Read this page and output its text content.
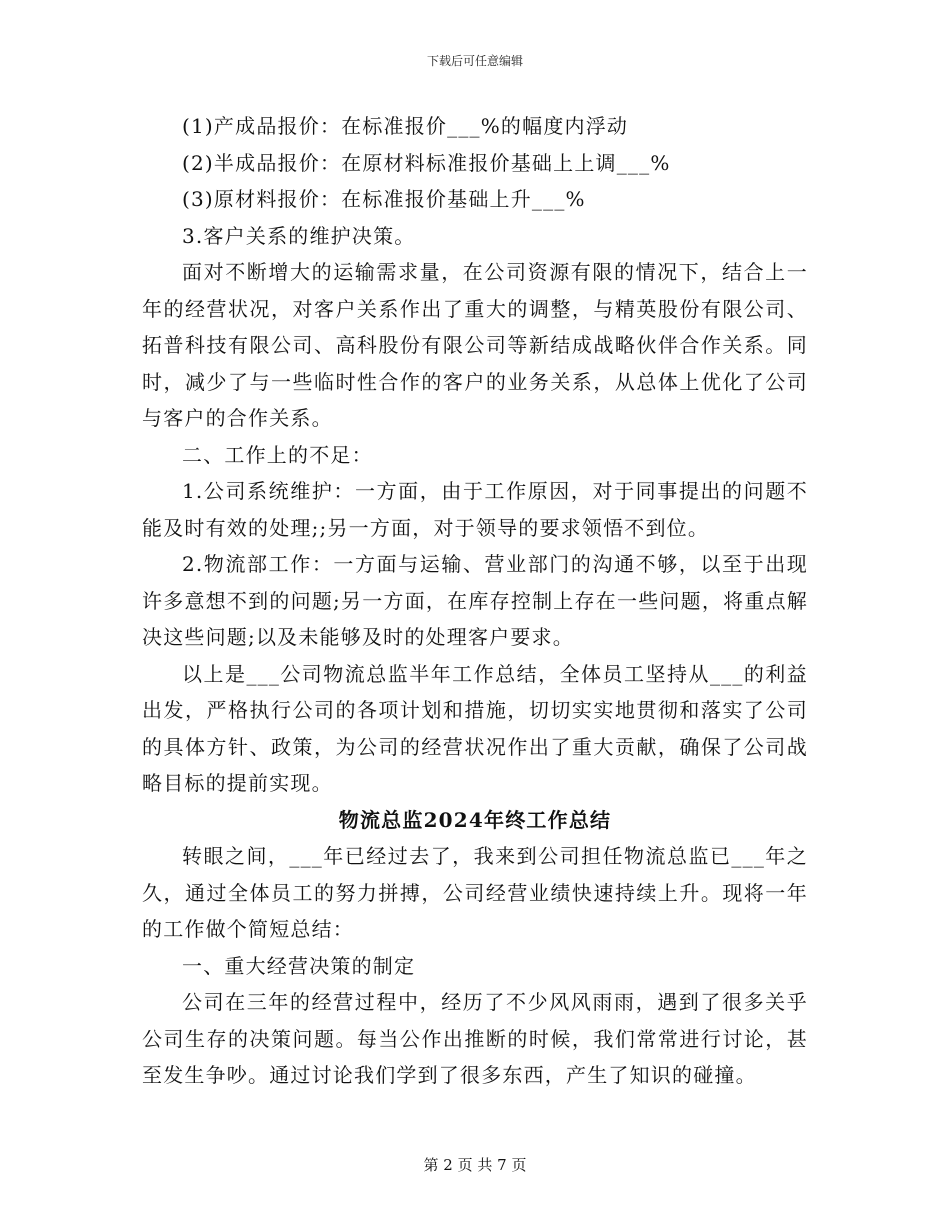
下载后可任意编辑

(1)产成品报价：在标准报价___%的幅度内浮动

(2)半成品报价：在原材料标准报价基础上上调___%

(3)原材料报价：在标准报价基础上升___%

3.客户关系的维护决策。

面对不断增大的运输需求量，在公司资源有限的情况下，结合上一年的经营状况，对客户关系作出了重大的调整，与精英股份有限公司、拓普科技有限公司、高科股份有限公司等新结成战略伙伴合作关系。同时，减少了与一些临时性合作的客户的业务关系，从总体上优化了公司与客户的合作关系。

二、工作上的不足：

1.公司系统维护：一方面，由于工作原因，对于同事提出的问题不能及时有效的处理;;另一方面，对于领导的要求领悟不到位。

2.物流部工作：一方面与运输、营业部门的沟通不够，以至于出现许多意想不到的问题;另一方面，在库存控制上存在一些问题，将重点解决这些问题;以及未能够及时的处理客户要求。

以上是___公司物流总监半年工作总结，全体员工坚持从___的利益出发，严格执行公司的各项计划和措施，切切实实地贯彻和落实了公司的具体方针、政策，为公司的经营状况作出了重大贡献，确保了公司战略目标的提前实现。

物流总监2024年终工作总结

转眼之间，___年已经过去了，我来到公司担任物流总监已___年之久，通过全体员工的努力拼搏，公司经营业绩快速持续上升。现将一年的工作做个简短总结：

一、重大经营决策的制定

公司在三年的经营过程中，经历了不少风风雨雨，遇到了很多关乎公司生存的决策问题。每当公作出推断的时候，我们常常进行讨论，甚至发生争吵。通过讨论我们学到了很多东西，产生了知识的碰撞。

第 2 页 共 7 页
